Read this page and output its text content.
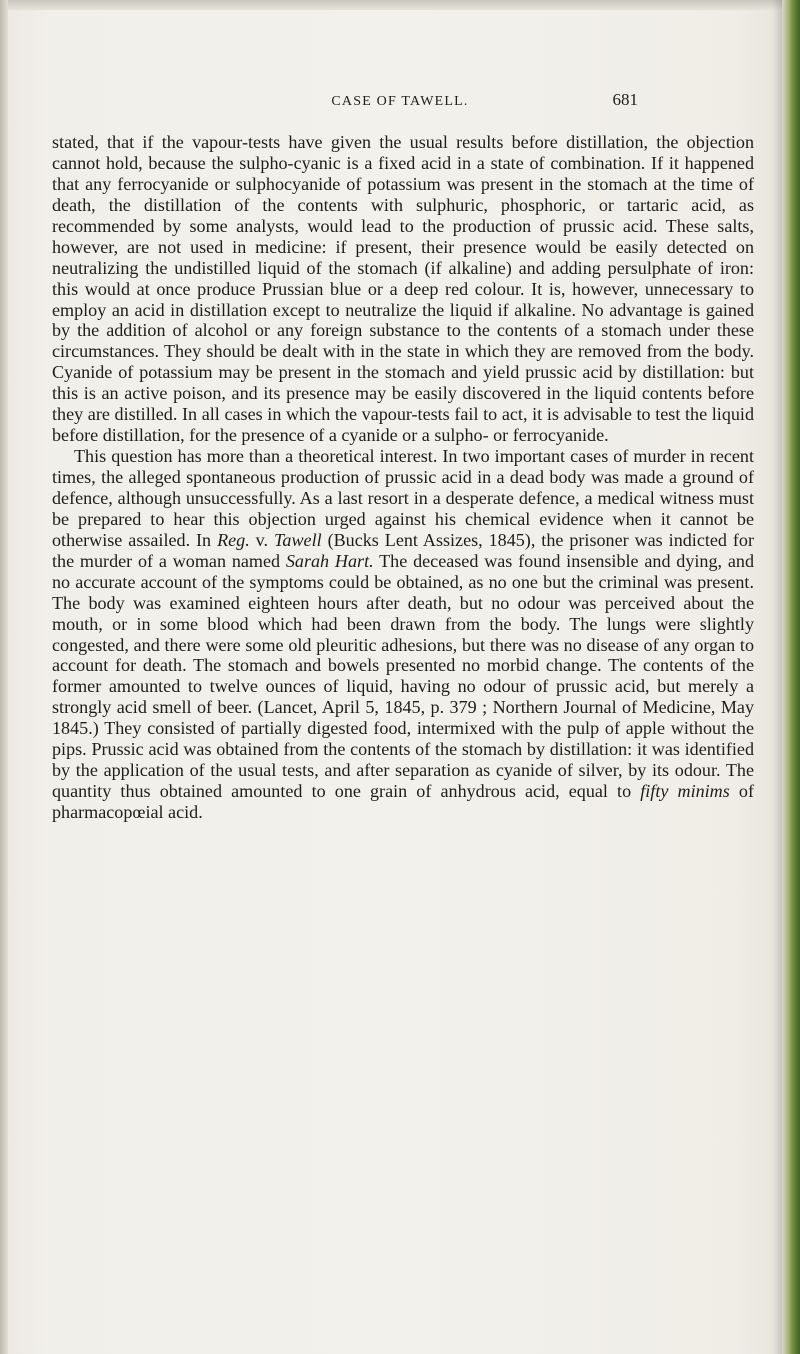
CASE OF TAWELL.	681

stated, that if the vapour-tests have given the usual results before distillation, the objection cannot hold, because the sulpho-cyanic is a fixed acid in a state of combination. If it happened that any ferrocyanide or sulphocyanide of potassium was present in the stomach at the time of death, the distillation of the contents with sulphuric, phosphoric, or tartaric acid, as recommended by some analysts, would lead to the production of prussic acid. These salts, however, are not used in medicine: if present, their presence would be easily detected on neutralizing the undistilled liquid of the stomach (if alkaline) and adding persulphate of iron: this would at once produce Prussian blue or a deep red colour. It is, however, unnecessary to employ an acid in distillation except to neutralize the liquid if alkaline. No advantage is gained by the addition of alcohol or any foreign substance to the contents of a stomach under these circumstances. They should be dealt with in the state in which they are removed from the body. Cyanide of potassium may be present in the stomach and yield prussic acid by distillation: but this is an active poison, and its presence may be easily discovered in the liquid contents before they are distilled. In all cases in which the vapour-tests fail to act, it is advisable to test the liquid before distillation, for the presence of a cyanide or a sulpho- or ferrocyanide.

This question has more than a theoretical interest. In two important cases of murder in recent times, the alleged spontaneous production of prussic acid in a dead body was made a ground of defence, although unsuccessfully. As a last resort in a desperate defence, a medical witness must be prepared to hear this objection urged against his chemical evidence when it cannot be otherwise assailed. In Reg. v. Tawell (Bucks Lent Assizes, 1845), the prisoner was indicted for the murder of a woman named Sarah Hart. The deceased was found insensible and dying, and no accurate account of the symptoms could be obtained, as no one but the criminal was present. The body was examined eighteen hours after death, but no odour was perceived about the mouth, or in some blood which had been drawn from the body. The lungs were slightly congested, and there were some old pleuritic adhesions, but there was no disease of any organ to account for death. The stomach and bowels presented no morbid change. The contents of the former amounted to twelve ounces of liquid, having no odour of prussic acid, but merely a strongly acid smell of beer. (Lancet, April 5, 1845, p. 379 ; Northern Journal of Medicine, May 1845.) They consisted of partially digested food, intermixed with the pulp of apple without the pips. Prussic acid was obtained from the contents of the stomach by distillation: it was identified by the application of the usual tests, and after separation as cyanide of silver, by its odour. The quantity thus obtained amounted to one grain of anhydrous acid, equal to fifty minims of pharmacopœial acid.
